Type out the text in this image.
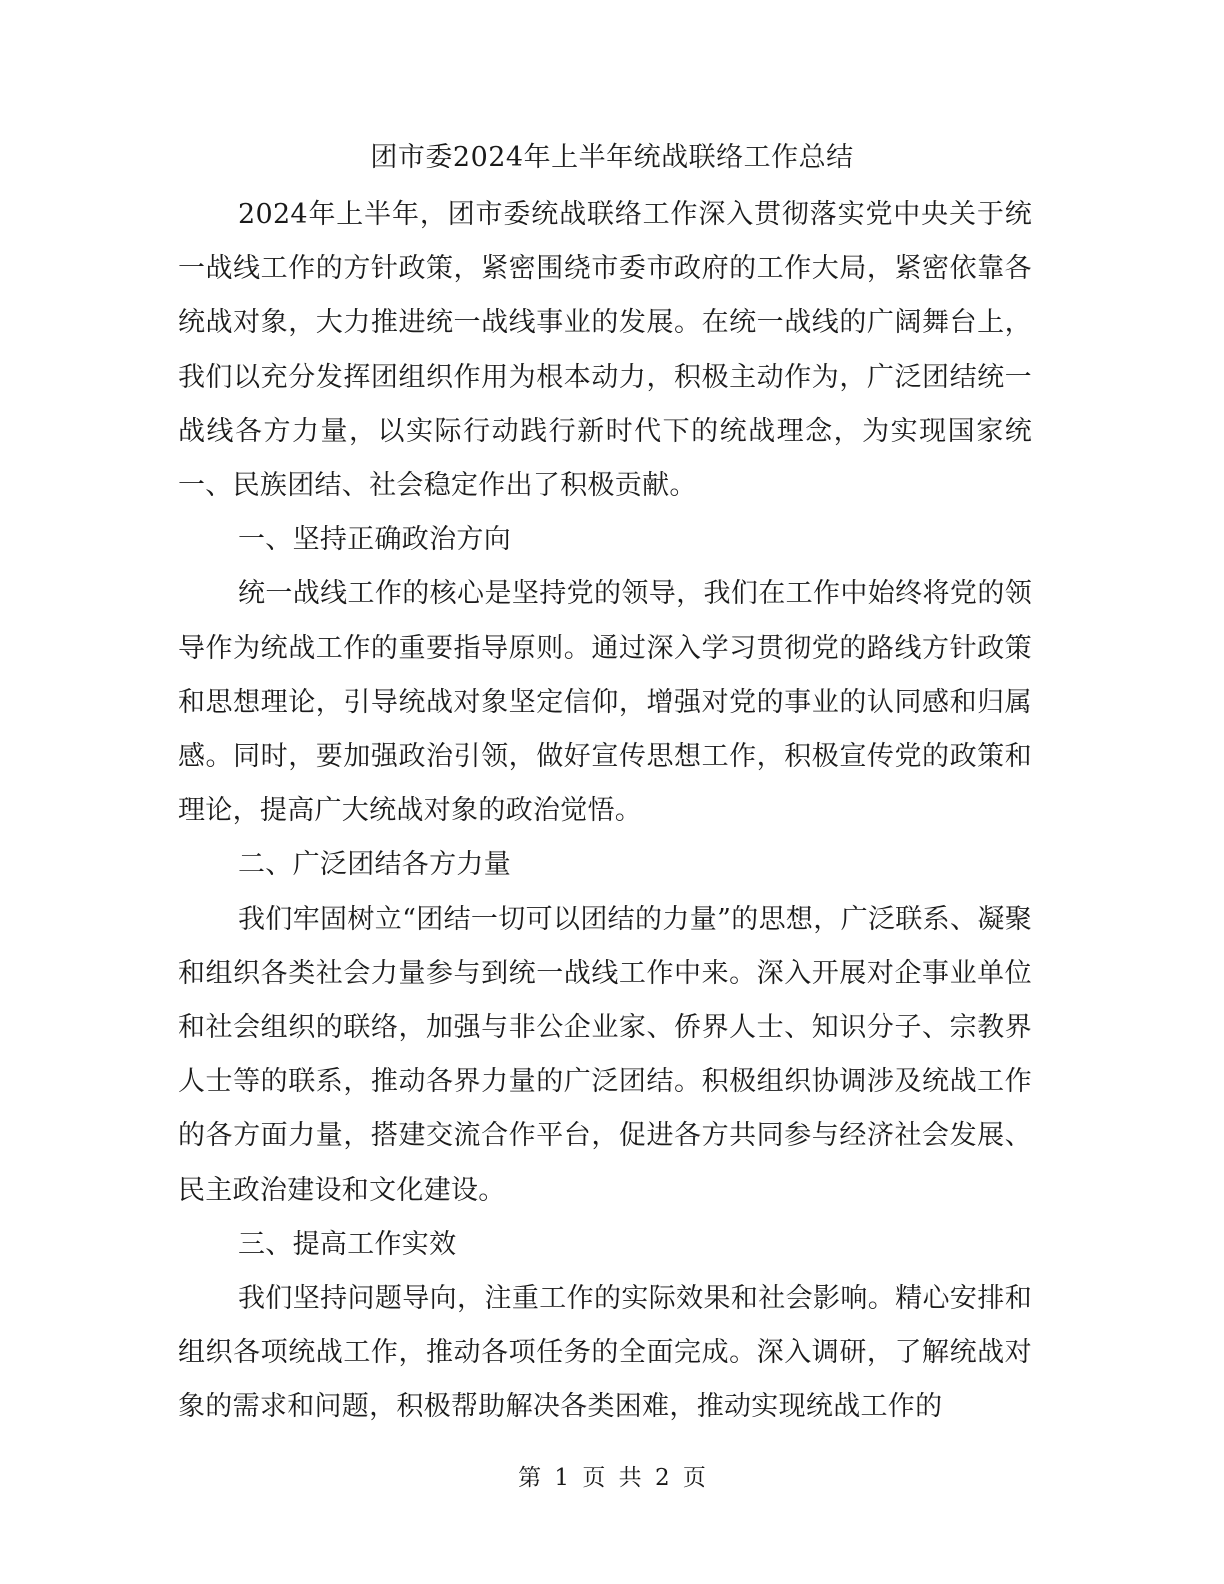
团市委2024年上半年统战联络工作总结

2024年上半年，团市委统战联络工作深入贯彻落实党中央关于统一战线工作的方针政策，紧密围绕市委市政府的工作大局，紧密依靠各统战对象，大力推进统一战线事业的发展。在统一战线的广阔舞台上，我们以充分发挥团组织作用为根本动力，积极主动作为，广泛团结统一战线各方力量，以实际行动践行新时代下的统战理念，为实现国家统一、民族团结、社会稳定作出了积极贡献。

一、坚持正确政治方向

统一战线工作的核心是坚持党的领导，我们在工作中始终将党的领导作为统战工作的重要指导原则。通过深入学习贯彻党的路线方针政策和思想理论，引导统战对象坚定信仰，增强对党的事业的认同感和归属感。同时，要加强政治引领，做好宣传思想工作，积极宣传党的政策和理论，提高广大统战对象的政治觉悟。

二、广泛团结各方力量

我们牢固树立“团结一切可以团结的力量”的思想，广泛联系、凝聚和组织各类社会力量参与到统一战线工作中来。深入开展对企事业单位和社会组织的联络，加强与非公企业家、侨界人士、知识分子、宗教界人士等的联系，推动各界力量的广泛团结。积极组织协调涉及统战工作的各方面力量，搭建交流合作平台，促进各方共同参与经济社会发展、民主政治建设和文化建设。

三、提高工作实效

我们坚持问题导向，注重工作的实际效果和社会影响。精心安排和组织各项统战工作，推动各项任务的全面完成。深入调研，了解统战对象的需求和问题，积极帮助解决各类困难，推动实现统战工作的

第 1 页 共 2 页
